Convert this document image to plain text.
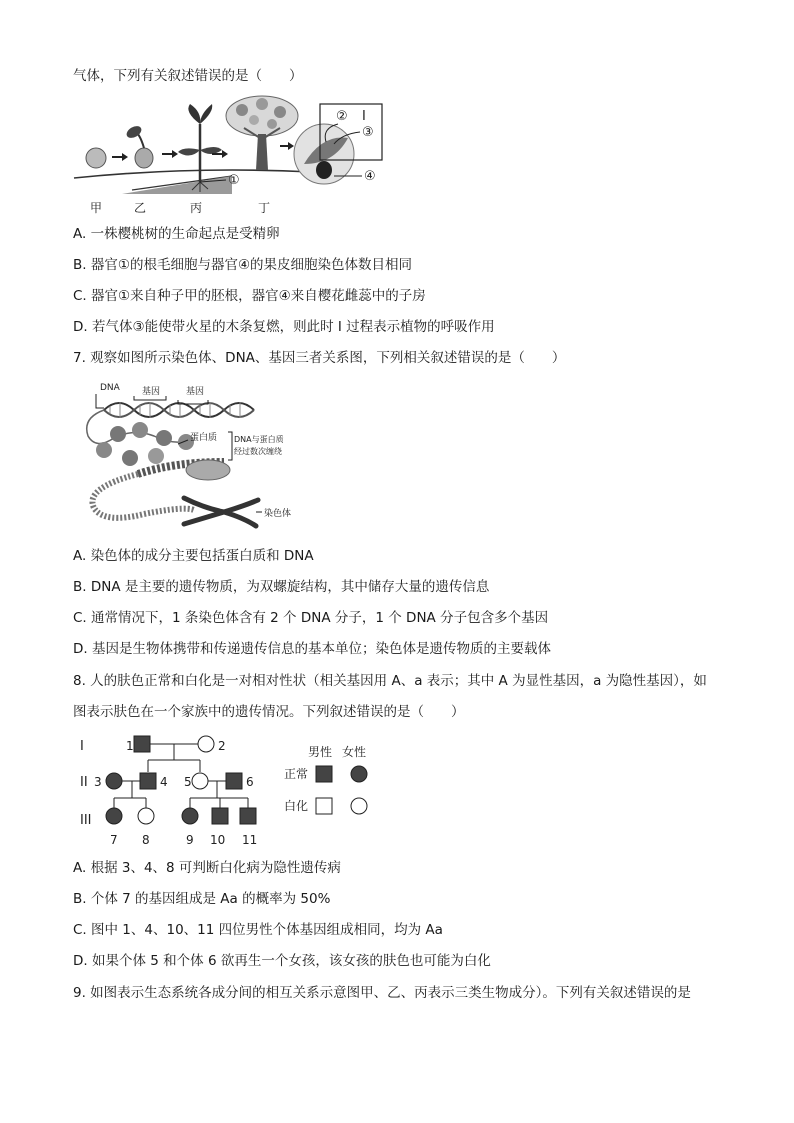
气体，下列有关叙述错误的是（　　）
①
② I
③
④
甲	乙	丙	丁
A. 一株樱桃树的生命起点是受精卵
B. 器官①的根毛细胞与器官④的果皮细胞染色体数目相同
C. 器官①来自种子甲的胚根，器官④来自樱花雌蕊中的子房
D. 若气体③能使带火星的木条复燃，则此时 I 过程表示植物的呼吸作用
7. 观察如图所示染色体、DNA、基因三者关系图，下列相关叙述错误的是（　　）
DNA 基因	基因
蛋白质 DNA与蛋白质
经过数次缠绕
染色体
A. 染色体的成分主要包括蛋白质和 DNA
B. DNA 是主要的遗传物质，为双螺旋结构，其中储存大量的遗传信息
C. 通常情况下，1 条染色体含有 2 个 DNA 分子，1 个 DNA 分子包含多个基因
D. 基因是生物体携带和传递遗传信息的基本单位；染色体是遗传物质的主要载体
8. 人的肤色正常和白化是一对相对性状（相关基因用 A、a 表示；其中 A 为显性基因，a 为隐性基因），如
图表示肤色在一个家族中的遗传情况。下列叙述错误的是（　　）
I
II
III
1	2
3	4 5	6
7 8	9 10 11
男性 女性
正常
白化
A. 根据 3、4、8 可判断白化病为隐性遗传病
B. 个体 7 的基因组成是 Aa 的概率为 50%
C. 图中 1、4、10、11 四位男性个体基因组成相同，均为 Aa
D. 如果个体 5 和个体 6 欲再生一个女孩，该女孩的肤色也可能为白化
9. 如图表示生态系统各成分间的相互关系示意图甲、乙、丙表示三类生物成分）。下列有关叙述错误的是
